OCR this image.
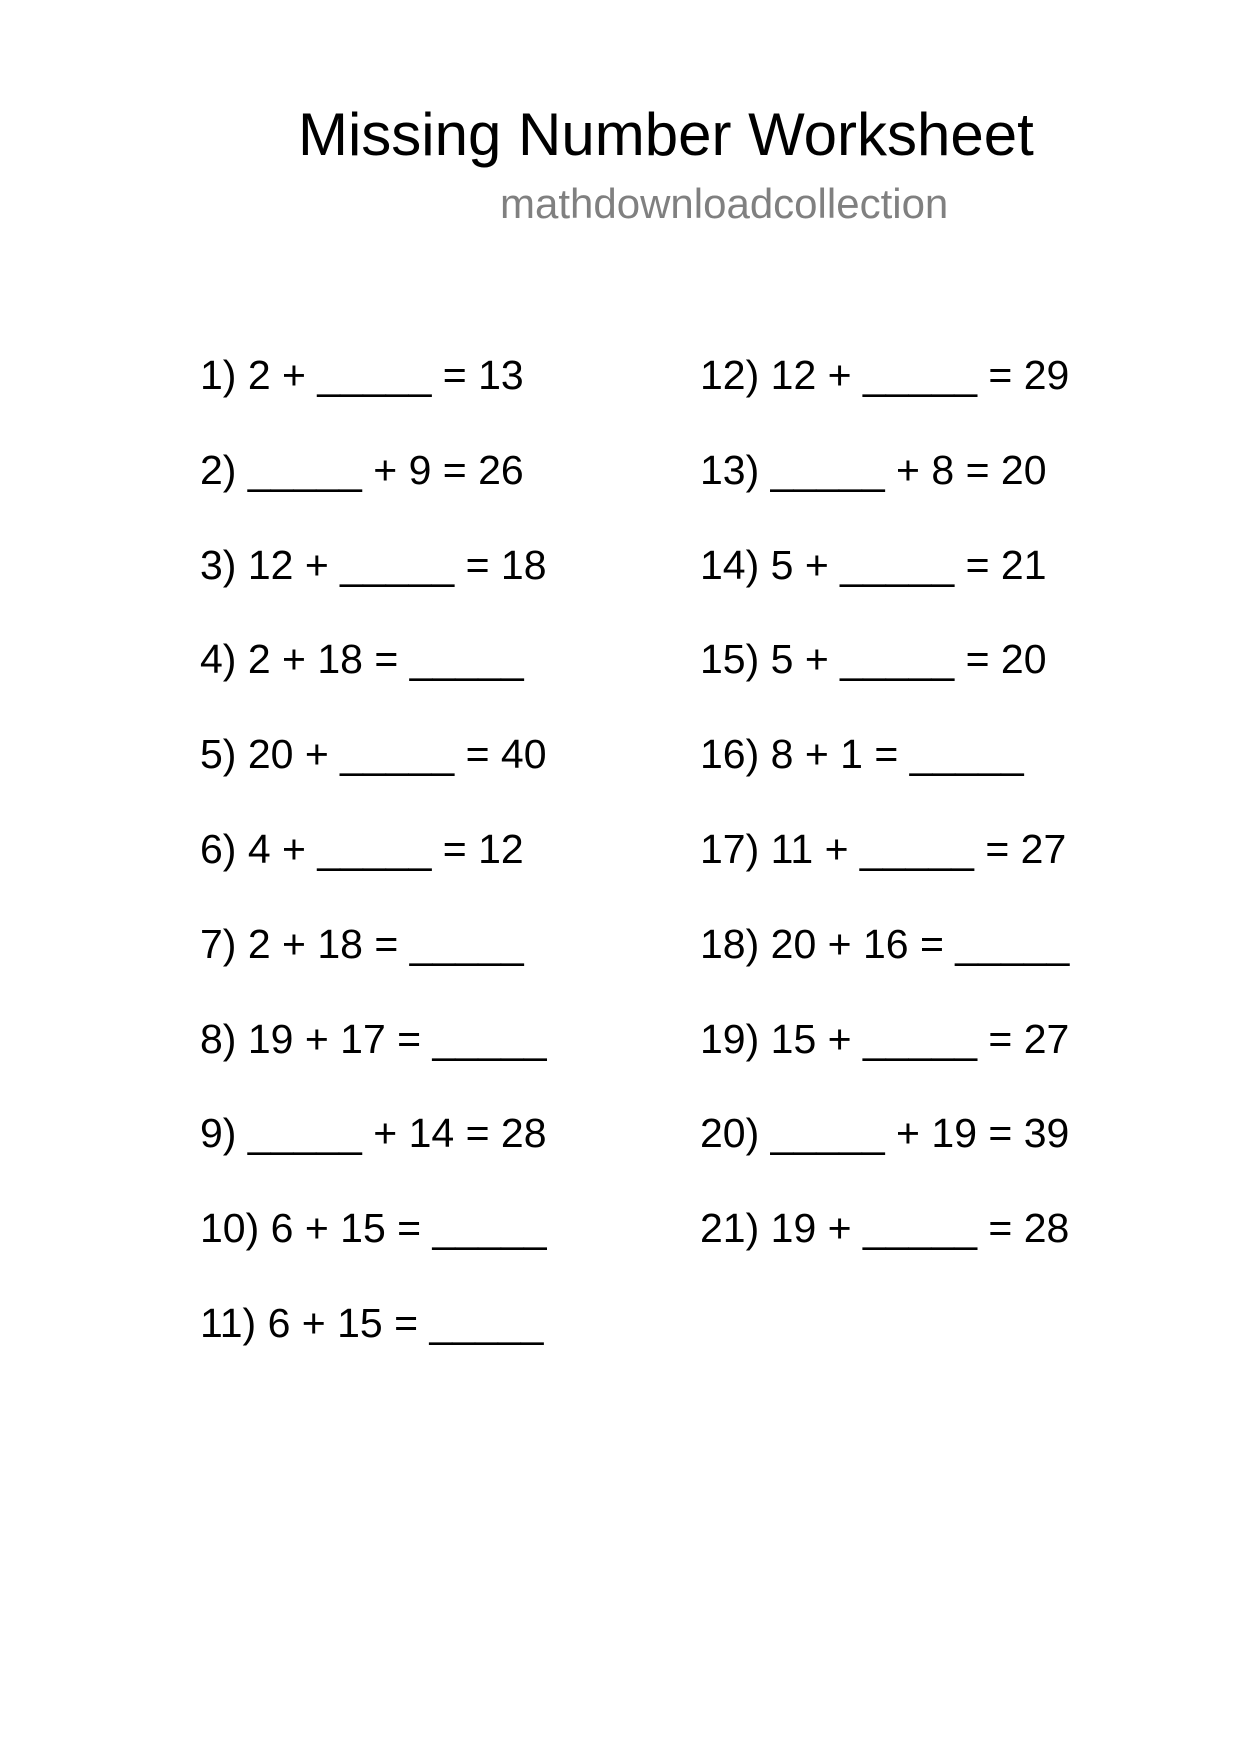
Missing Number Worksheet
mathdownloadcollection
1) 2 + _____ = 13
2) _____ + 9 = 26
3) 12 + _____ = 18
4) 2 + 18 = _____
5) 20 + _____ = 40
6) 4 + _____ = 12
7) 2 + 18 = _____
8) 19 + 17 = _____
9) _____ + 14 = 28
10) 6 + 15 = _____
11) 6 + 15 = _____
12) 12 + _____ = 29
13) _____ + 8 = 20
14) 5 + _____ = 21
15) 5 + _____ = 20
16) 8 + 1 = _____
17) 11 + _____ = 27
18) 20 + 16 = _____
19) 15 + _____ = 27
20) _____ + 19 = 39
21) 19 + _____ = 28
